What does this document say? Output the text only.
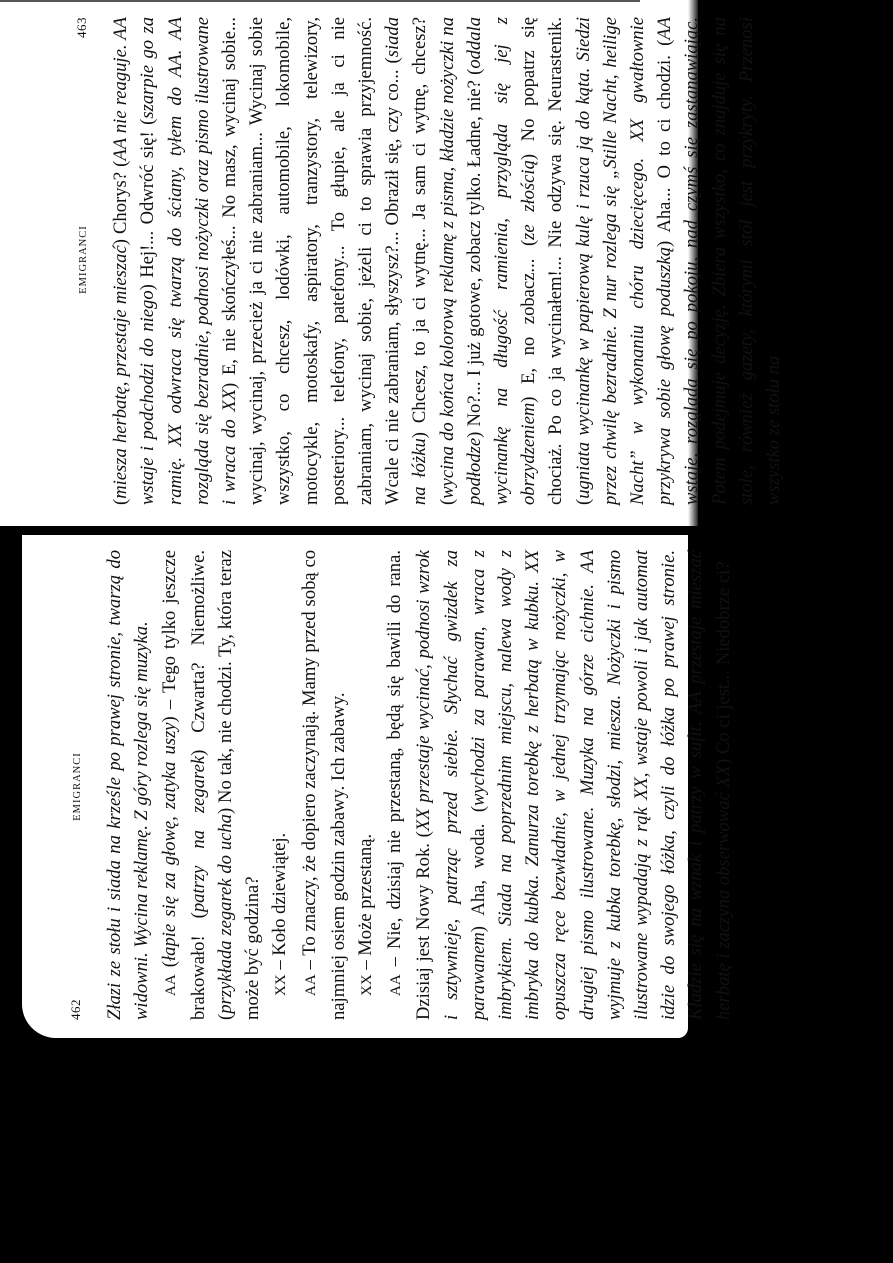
462
EMIGRANCI	Złazi ze stołu i siada na krześle po prawej stronie, twarzą do widowni. Wycina reklamę. Z góry rozlega się muzyka. AA (łapie się za głowę, zatyka uszy) – Tego tylko jeszcze brakowało! (patrzy na zegarek) Czwarta? Niemożliwe. (przykłada zegarek do ucha) No tak, nie chodzi. Ty, która teraz może być godzina? XX – Koło dziewiątej.

AA – To znaczy, że dopiero zaczynają. Mamy przed sobą co najmniej osiem godzin zabawy. Ich zabawy. XX – Może przestaną.

AA – Nie, dzisiaj nie przestaną, będą się bawili do rana. Dzisiaj jest Nowy Rok. (XX przestaje wycinać, podnosi wzrok i sztywnieje, patrząc przed siebie. Słychać gwizdek za parawanem) Aha, woda. (wychodzi za parawan, wraca z imbrykiem. Siada na poprzednim miejscu, nalewa wody z imbryka do kubka. Zanurza torebkę z herbatą w kubku. XX opuszcza ręce bezwładnie, w jednej trzymając nożyczki, w drugiej pismo ilustrowane. Muzyka na górze cichnie. AA wyjmuje z kubka torebkę, słodzi, miesza. Nożyczki i pismo ilustrowane wypadają z rąk XX, wstaje powoli i jak automat idzie do swojego łóżka, czyli do łóżka po prawej stronie. Kładzie się na wznak i patrzy w sufit. AA przestaje mieszać herbatę i zaczyna obserwować XX) Co ci jest... Niedobrze ci?

EMIGRANCI
463

(miesza herbatę, przestaje mieszać) Chorys? (AA nie reaguje. AA wstaje i podchodzi do niego) Hej!... Odwróć się! (szarpie go za ramię. XX odwraca się twarzą do ściany, tyłem do AA. AA rozgląda się bezradnie, podnosi nożyczki oraz pismo ilustrowane i wraca do XX) E, nie skończyłeś... No masz, wycinaj sobie... wycinaj, wycinaj, przecież ja ci nie zabraniam... Wycinaj sobie wszystko, co chcesz, lodówki, automobile, lokomobile, motocykle, motoskafy, aspiratory, tranzystory, telewizory, posteriory... telefony, patefony... To głupie, ale ja ci nie zabraniam, wycinaj sobie, jeżeli ci to sprawia przyjemność. Wcale ci nie zabraniam, słyszysz?... Obraził się, czy co... (siada na łóżku) Chcesz, to ja ci wytnę... Ja sam ci wytnę, chcesz? (wycina do końca kolorową reklamę z pisma, kładzie nożyczki na podłodze) No?... I już gotowe, zobacz tylko. Ładne, nie? (oddala wycinankę na długość ramienia, przygląda się jej z obrzydzeniem) E, no zobacz... (ze złością) No popatrz się chociaż. Po co ja wycinałem!... Nie odzywa się. Neurastenik. (ugniata wycinankę w papierową kulę i rzuca ją do kąta. Siedzi przez chwilę bezradnie. Z nur rozlega się „Stille Nacht, heilige Nacht” w wykonaniu chóru dziecięcego. XX gwałtownie przykrywa sobie głowę poduszką) Aha... O to ci chodzi. (AA wstaje, rozgląda się po pokoju, nad czymś się zastanawiając. Potem podejmuje decyzję. Zbiera wszystko, co znajduje się na stole, również gazety, którymi stół jest przykryty. Przenosi wszystko ze stołu na
